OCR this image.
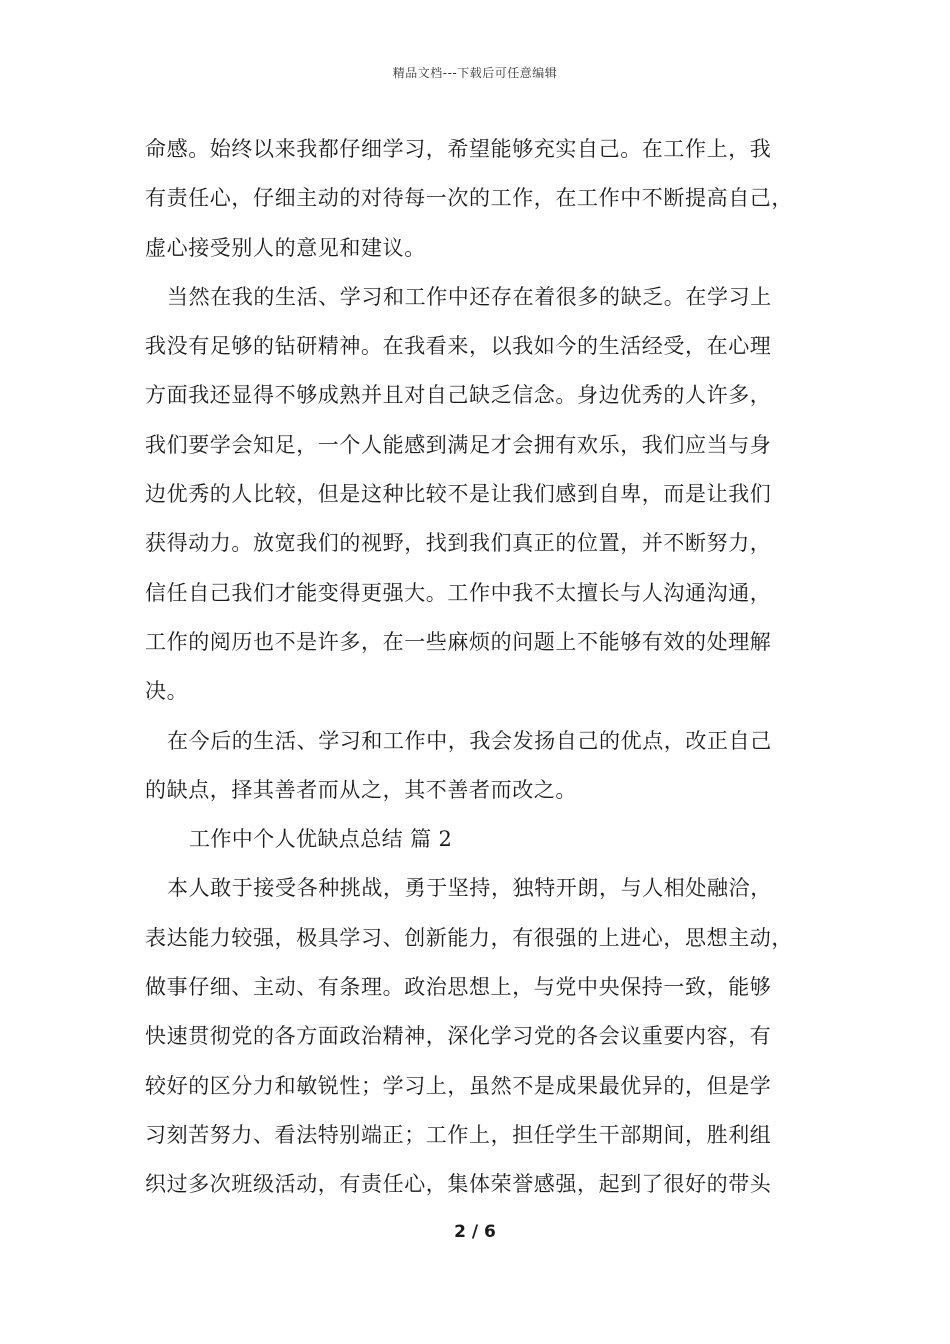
精品文档---下载后可任意编辑
命感。始终以来我都仔细学习，希望能够充实自己。在工作上，我
有责任心，仔细主动的对待每一次的工作，在工作中不断提高自己，
虚心接受别人的意见和建议。
当然在我的生活、学习和工作中还存在着很多的缺乏。在学习上
我没有足够的钻研精神。在我看来，以我如今的生活经受，在心理
方面我还显得不够成熟并且对自己缺乏信念。身边优秀的人许多，
我们要学会知足，一个人能感到满足才会拥有欢乐，我们应当与身
边优秀的人比较，但是这种比较不是让我们感到自卑，而是让我们
获得动力。放宽我们的视野，找到我们真正的位置，并不断努力，
信任自己我们才能变得更强大。工作中我不太擅长与人沟通沟通，
工作的阅历也不是许多，在一些麻烦的问题上不能够有效的处理解
决。
在今后的生活、学习和工作中，我会发扬自己的优点，改正自己
的缺点，择其善者而从之，其不善者而改之。
工作中个人优缺点总结 篇 2
本人敢于接受各种挑战，勇于坚持，独特开朗，与人相处融洽，
表达能力较强，极具学习、创新能力，有很强的上进心，思想主动，
做事仔细、主动、有条理。政治思想上，与党中央保持一致，能够
快速贯彻党的各方面政治精神，深化学习党的各会议重要内容，有
较好的区分力和敏锐性；学习上，虽然不是成果最优异的，但是学
习刻苦努力、看法特别端正；工作上，担任学生干部期间，胜利组
织过多次班级活动，有责任心，集体荣誉感强，起到了很好的带头
2 / 6
